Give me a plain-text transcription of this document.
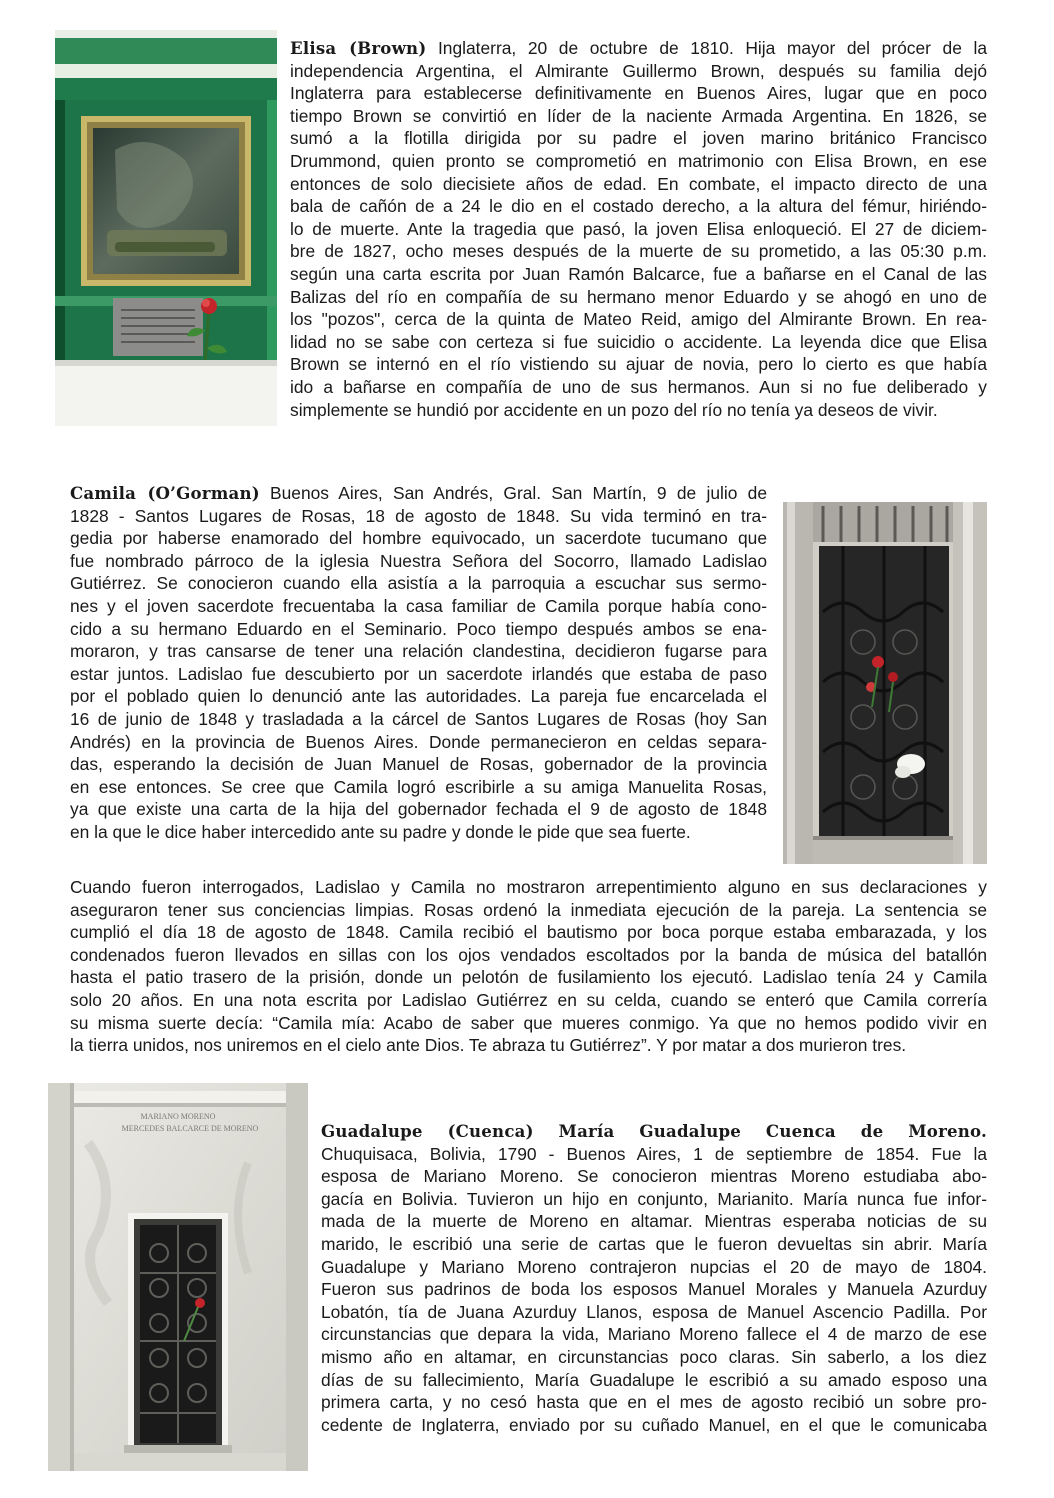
Elisa (Brown) Inglaterra, 20 de octubre de 1810. Hija mayor del prócer de la
independencia Argentina, el Almirante Guillermo Brown, después su familia dejó
Inglaterra para establecerse definitivamente en Buenos Aires, lugar que en poco
tiempo Brown se convirtió en líder de la naciente Armada Argentina. En 1826, se
sumó a la flotilla dirigida por su padre el joven marino británico Francisco
Drummond, quien pronto se comprometió en matrimonio con Elisa Brown, en ese
entonces de solo diecisiete años de edad. En combate, el impacto directo de una
bala de cañón de a 24 le dio en el costado derecho, a la altura del fémur, hiriéndo-
lo de muerte. Ante la tragedia que pasó, la joven Elisa enloqueció. El 27 de diciem-
bre de 1827, ocho meses después de la muerte de su prometido, a las 05:30 p.m.
según una carta escrita por Juan Ramón Balcarce, fue a bañarse en el Canal de las
Balizas del río en compañía de su hermano menor Eduardo y se ahogó en uno de
los "pozos", cerca de la quinta de Mateo Reid, amigo del Almirante Brown. En rea-
lidad no se sabe con certeza si fue suicidio o accidente. La leyenda dice que Elisa
Brown se internó en el río vistiendo su ajuar de novia, pero lo cierto es que había
ido a bañarse en compañía de uno de sus hermanos. Aun si no fue deliberado y
simplemente se hundió por accidente en un pozo del río no tenía ya deseos de vivir.
Camila (O’Gorman) Buenos Aires, San Andrés, Gral. San Martín, 9 de julio de
1828 - Santos Lugares de Rosas, 18 de agosto de 1848. Su vida terminó en tra-
gedia por haberse enamorado del hombre equivocado, un sacerdote tucumano que
fue nombrado párroco de la iglesia Nuestra Señora del Socorro, llamado Ladislao
Gutiérrez. Se conocieron cuando ella asistía a la parroquia a escuchar sus sermo-
nes y el joven sacerdote frecuentaba la casa familiar de Camila porque había cono-
cido a su hermano Eduardo en el Seminario. Poco tiempo después ambos se ena-
moraron, y tras cansarse de tener una relación clandestina, decidieron fugarse para
estar juntos. Ladislao fue descubierto por un sacerdote irlandés que estaba de paso
por el poblado quien lo denunció ante las autoridades. La pareja fue encarcelada el
16 de junio de 1848 y trasladada a la cárcel de Santos Lugares de Rosas (hoy San
Andrés) en la provincia de Buenos Aires. Donde permanecieron en celdas separa-
das, esperando la decisión de Juan Manuel de Rosas, gobernador de la provincia
en ese entonces. Se cree que Camila logró escribirle a su amiga Manuelita Rosas,
ya que existe una carta de la hija del gobernador fechada el 9 de agosto de 1848
en la que le dice haber intercedido ante su padre y donde le pide que sea fuerte.
Cuando fueron interrogados, Ladislao y Camila no mostraron arrepentimiento alguno en sus declaraciones y
aseguraron tener sus conciencias limpias. Rosas ordenó la inmediata ejecución de la pareja. La sentencia se
cumplió el día 18 de agosto de 1848. Camila recibió el bautismo por boca porque estaba embarazada, y los
condenados fueron llevados en sillas con los ojos vendados escoltados por la banda de música del batallón
hasta el patio trasero de la prisión, donde un pelotón de fusilamiento los ejecutó. Ladislao tenía 24 y Camila
solo 20 años. En una nota escrita por Ladislao Gutiérrez en su celda, cuando se enteró que Camila correría
su misma suerte decía: “Camila mía: Acabo de saber que mueres conmigo. Ya que no hemos podido vivir en
la tierra unidos, nos uniremos en el cielo ante Dios. Te abraza tu Gutiérrez”. Y por matar a dos murieron tres.
MARIANO MORENO
MERCEDES BALCARCE DE MORENO	Guadalupe (Cuenca) María Guadalupe Cuenca de Moreno.
Chuquisaca, Bolivia, 1790 - Buenos Aires, 1 de septiembre de 1854. Fue la
esposa de Mariano Moreno. Se conocieron mientras Moreno estudiaba abo-
gacía en Bolivia. Tuvieron un hijo en conjunto, Marianito. María nunca fue infor-
mada de la muerte de Moreno en altamar. Mientras esperaba noticias de su
marido, le escribió una serie de cartas que le fueron devueltas sin abrir. María
Guadalupe y Mariano Moreno contrajeron nupcias el 20 de mayo de 1804.
Fueron sus padrinos de boda los esposos Manuel Morales y Manuela Azurduy
Lobatón, tía de Juana Azurduy Llanos, esposa de Manuel Ascencio Padilla. Por
circunstancias que depara la vida, Mariano Moreno fallece el 4 de marzo de ese
mismo año en altamar, en circunstancias poco claras. Sin saberlo, a los diez
días de su fallecimiento, María Guadalupe le escribió a su amado esposo una
primera carta, y no cesó hasta que en el mes de agosto recibió un sobre pro-
cedente de Inglaterra, enviado por su cuñado Manuel, en el que le comunicaba
